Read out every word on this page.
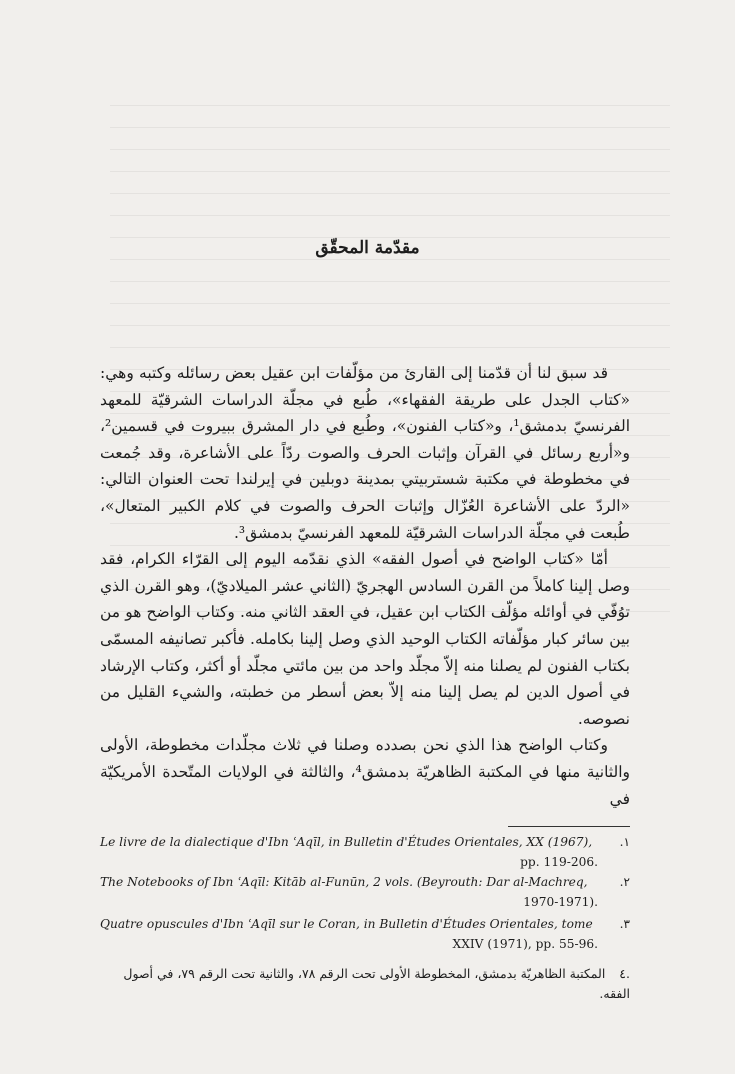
مقدّمة المحقّق

قد سبق لنا أن قدّمنا إلى القارئ من مؤلّفات ابن عقيل بعض رسائله وكتبه وهي: «كتاب الجدل على طريقة الفقهاء»، طُبع في مجلّة الدراسات الشرقيّة للمعهد الفرنسيّ بدمشق¹، و«كتاب الفنون»، وطُبع في دار المشرق ببيروت في قسمين²، و«أربع رسائل في القرآن وإثبات الحرف والصوت ردّاً على الأشاعرة، وقد جُمعت في مخطوطة في مكتبة شستربيتي بمدينة دوبلين في إيرلندا تحت العنوان التالي: «الردّ على الأشاعرة العُزّال وإثبات الحرف والصوت في كلام الكبير المتعال»، طُبعت في مجلّة الدراسات الشرقيّة للمعهد الفرنسيّ بدمشق³.

أمّا «كتاب الواضح في أصول الفقه» الذي نقدّمه اليوم إلى القرّاء الكرام، فقد وصل إلينا كاملاً من القرن السادس الهجريّ (الثاني عشر الميلاديّ)، وهو القرن الذي توُفّي في أوائله مؤلّف الكتاب ابن عقيل، في العقد الثاني منه. وكتاب الواضح هو من بين سائر كبار مؤلّفاته الكتاب الوحيد الذي وصل إلينا بكامله. فأكبر تصانيفه المسمّى بكتاب الفنون لم يصلنا منه إلاّ مجلّد واحد من بين مائتي مجلّد أو أكثر، وكتاب الإرشاد في أصول الدين لم يصل إلينا منه إلاّ بعض أسطر من خطبته، والشيء القليل من نصوصه.

وكتاب الواضح هذا الذي نحن بصدده وصلنا في ثلاث مجلّدات مخطوطة، الأولى والثانية منها في المكتبة الظاهريّة بدمشق⁴، والثالثة في الولايات المتّحدة الأمريكيّة في

.١
Le livre de la dialectique d'Ibn ʿAqīl, in Bulletin d'Études Orientales, XX (1967),
pp. 119-206.
.٢
The Notebooks of Ibn ʿAqīl: Kitāb al-Funūn, 2 vols. (Beyrouth: Dar al-Machreq,
1970-1971).
.٣
Quatre opuscules d'Ibn ʿAqīl sur le Coran, in Bulletin d'Études Orientales, tome
XXIV (1971), pp. 55-96.
.٤ المكتبة الظاهريّة بدمشق، المخطوطة الأولى تحت الرقم ٧٨، والثانية تحت الرقم ٧٩، في أصول الفقه.
